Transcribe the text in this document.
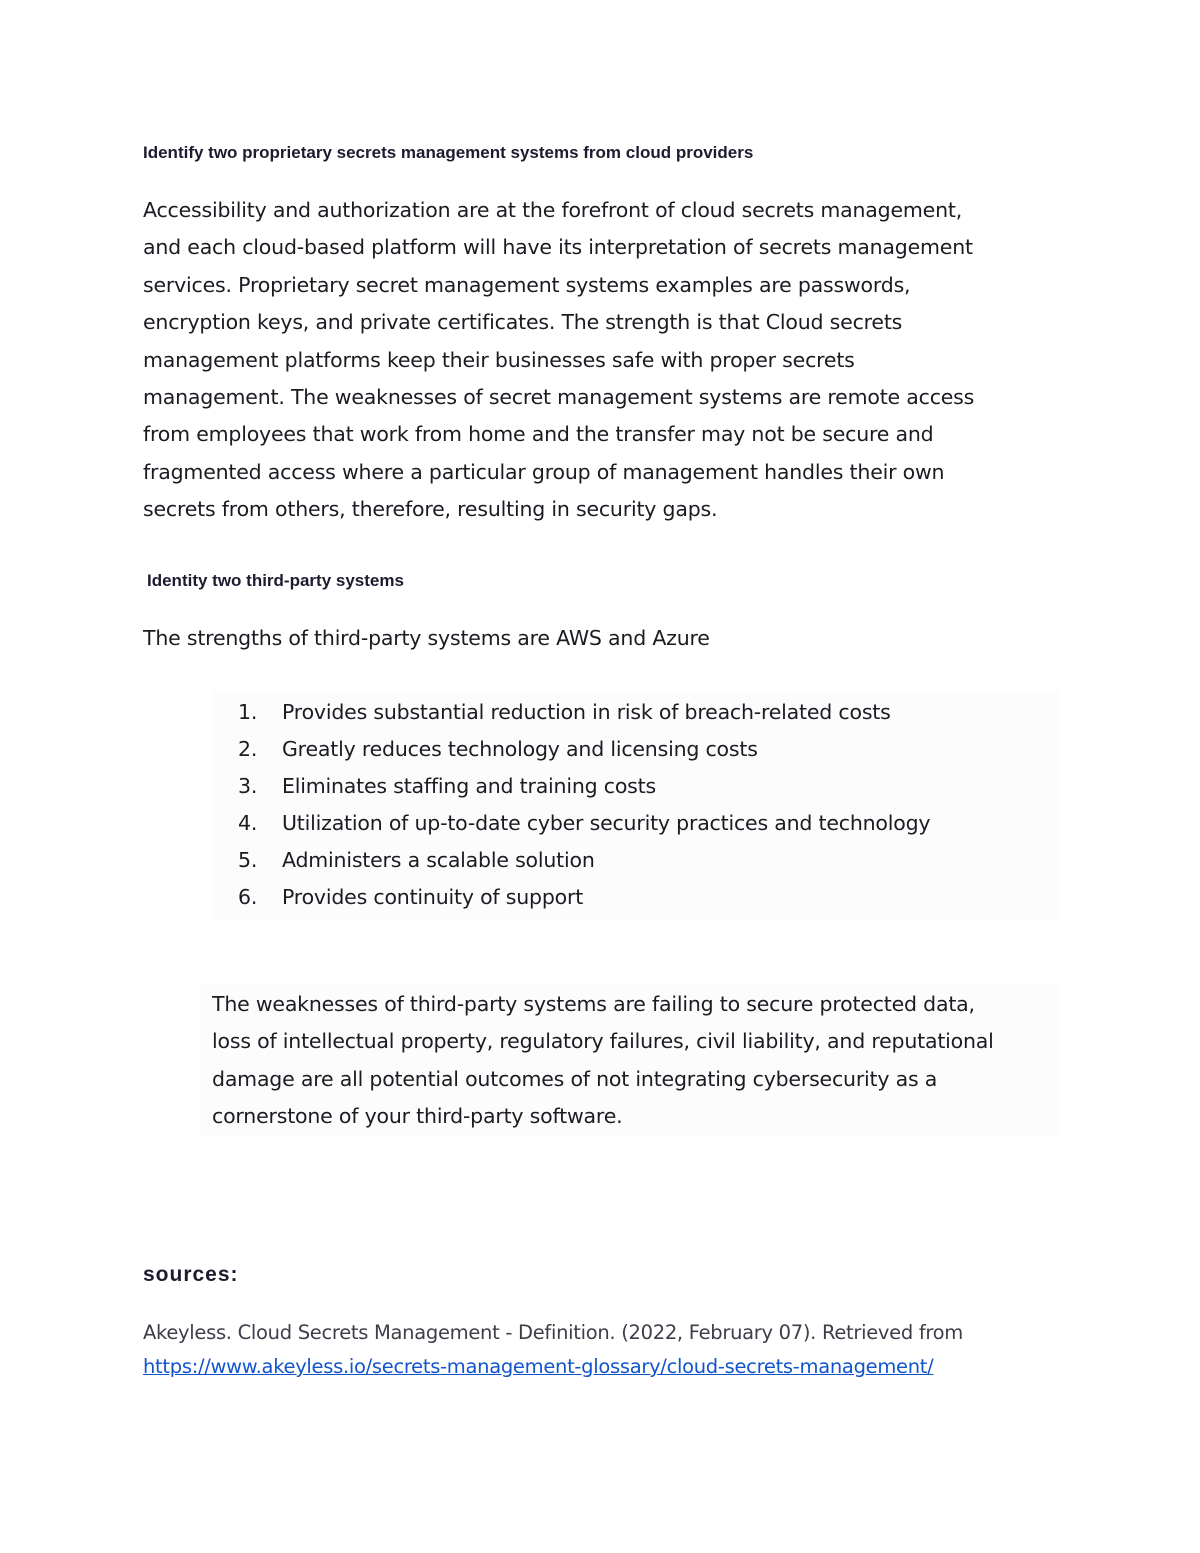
Identify two proprietary secrets management systems from cloud providers

Accessibility and authorization are at the forefront of cloud secrets management,
and each cloud-based platform will have its interpretation of secrets management
services. Proprietary secret management systems examples are passwords,
encryption keys, and private certificates. The strength is that Cloud secrets
management platforms keep their businesses safe with proper secrets
management. The weaknesses of secret management systems are remote access
from employees that work from home and the transfer may not be secure and
fragmented access where a particular group of management handles their own
secrets from others, therefore, resulting in security gaps.

Identity two third-party systems

The strengths of third-party systems are AWS and Azure

1.	Provides substantial reduction in risk of breach-related costs
2.	Greatly reduces technology and licensing costs
3.	Eliminates staffing and training costs
4.	Utilization of up-to-date cyber security practices and technology
5.	Administers a scalable solution
6.	Provides continuity of support

The weaknesses of third-party systems are failing to secure protected data,
loss of intellectual property, regulatory failures, civil liability, and reputational
damage are all potential outcomes of not integrating cybersecurity as a
cornerstone of your third-party software.

sources:

Akeyless. Cloud Secrets Management - Definition. (2022, February 07). Retrieved from
https://www.akeyless.io/secrets-management-glossary/cloud-secrets-management/
